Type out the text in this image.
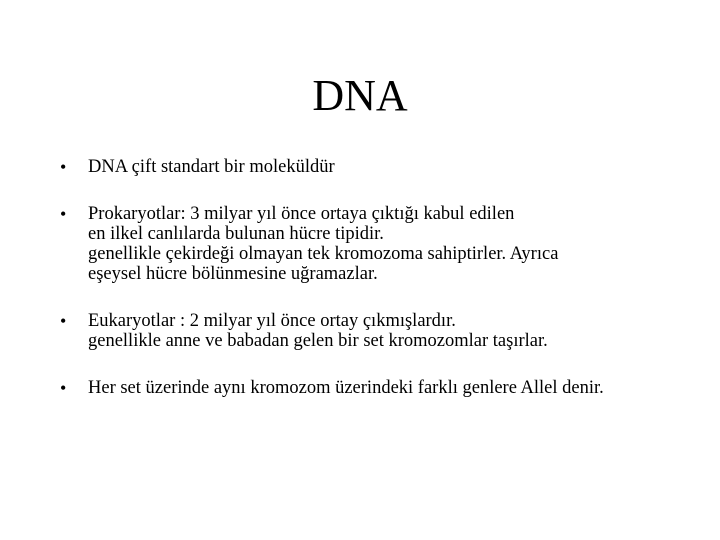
DNA
• DNA çift standart bir moleküldür
• Prokaryotlar: 3 milyar yıl önce ortaya çıktığı kabul edilen
en ilkel canlılarda bulunan hücre tipidir.
genellikle çekirdeği olmayan tek kromozoma sahiptirler. Ayrıca
eşeysel hücre bölünmesine uğramazlar.
• Eukaryotlar : 2 milyar yıl önce ortay çıkmışlardır.
genellikle anne ve babadan gelen bir set kromozomlar taşırlar.
• Her set üzerinde aynı kromozom üzerindeki farklı genlere Allel denir.
